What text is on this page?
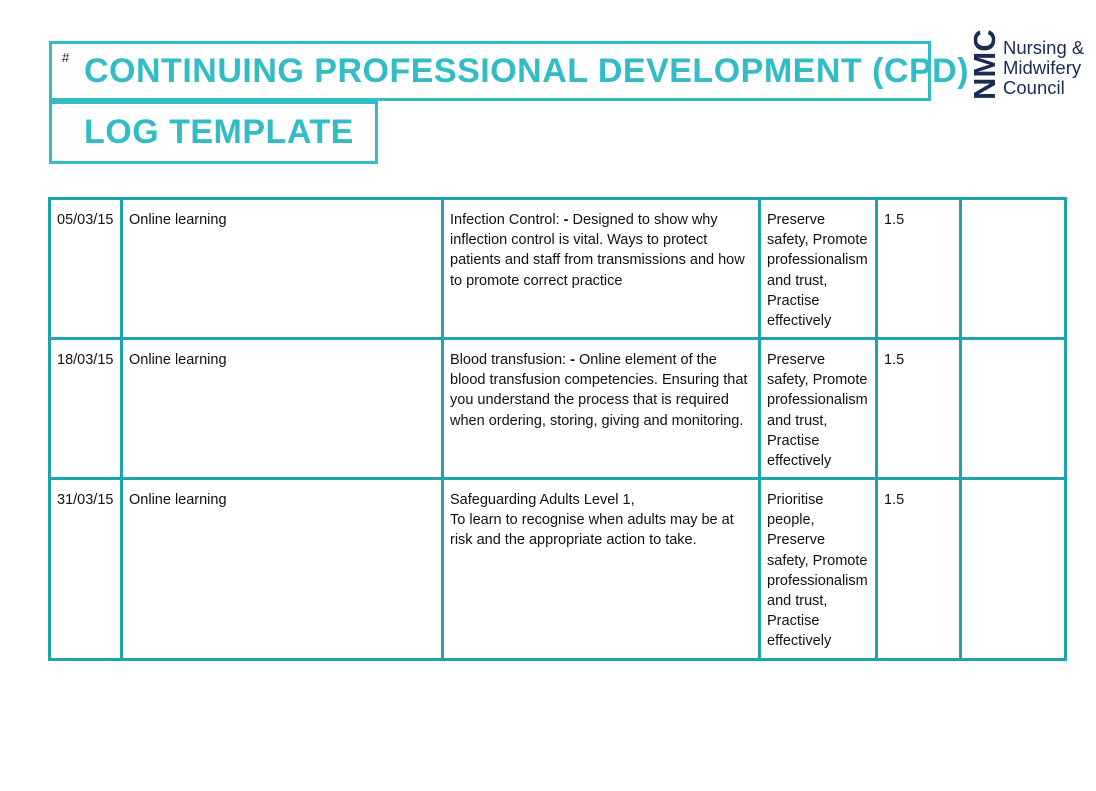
# CONTINUING PROFESSIONAL DEVELOPMENT (CPD)
LOG TEMPLATE
NMC Nursing &
Midwifery
Council
05/03/15	Online learning	Infection Control: - Designed to show why inflection control is vital. Ways to protect patients and staff from transmissions and how to promote correct practice	Preserve safety, Promote professionalism and trust, Practise effectively	1.5	
18/03/15	Online learning	Blood transfusion: - Online element of the blood transfusion competencies. Ensuring that you understand the process that is required when ordering, storing, giving and monitoring.	Preserve safety, Promote professionalism and trust, Practise effectively	1.5	
31/03/15	Online learning	Safeguarding Adults Level 1,
To learn to recognise when adults may be at risk and the appropriate action to take.	Prioritise people, Preserve safety, Promote professionalism and trust, Practise effectively	1.5	
